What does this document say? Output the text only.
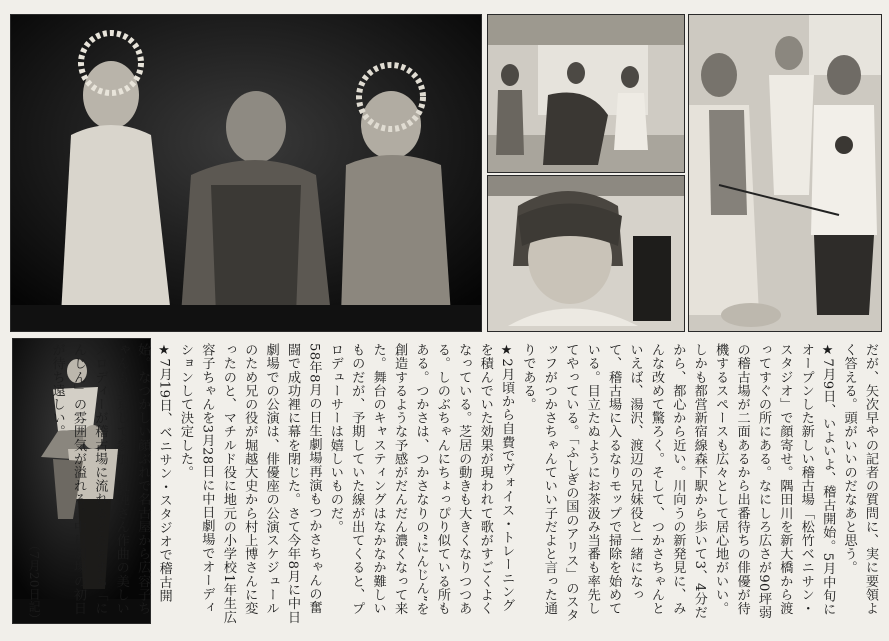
だが、矢次早やの記者の質問に、実に要領よく答える。頭がいいのだなあと思う。

★7月9日、いよいよ、稽古開始。5月中旬にオープンした新しい稽古場「松竹ベニサン・スタジオ」で顔寄せ。隅田川を新大橋から渡ってすぐの所にある。なにしろ広さが90坪弱の稽古場が二面あるから出番待ちの俳優が待機するスペースも広々として居心地がいい。しかも都営新宿線森下駅から歩いて3、4分だから、都心から近い。川向うの新発見に、みんな改めて驚ろく。そして、つかさちゃんといえば、湯沢、渡辺の兄妹役と一緒になって、稽古場に入るなりモップで掃除を始めている。目立たぬようにお茶汲み当番も率先してやっている。「ふしぎの国のアリス」のスタッフがつかさちゃんていい子だよと言った通りである。

★2月頃から自費でヴォイス・トレーニングを積んでいた効果が現われて歌がすごくよくなっている。芝居の動きも大きくなりつつある。しのぶちゃんにちょっぴり似ている所もある。つかさは、つかさなりの“にんじん”を創造するような予感がだんだん濃くなって来た。舞台のキャスティングはなかなか難しいものだが、予期していた線が出てくると、プロデューサーは嬉しいものだ。

58年8月の日生劇場再演もつかさちゃんの奮闘で成功裡に幕を閉じた。さて今年8月に中日劇場での公演は、俳優座の公演スケジュールのため兄の役が堀越大史から村上博さんに変ったのと、マチルド役に地元の小学校1年生広容子ちゃんを3月28日に中日劇場でオーディションして決定した。

★7月19日、ベニサン・スタジオで稽古開始。なつかしい顔ぶれで名古屋から広容子ちゃんも上京して参加。直純さん作曲の美しいメロディーが稽古場に流れるとたちまち「にんじん」の雰囲気が溢れる。中日劇場の初日が待ち遠しい。

（7月20日記）
